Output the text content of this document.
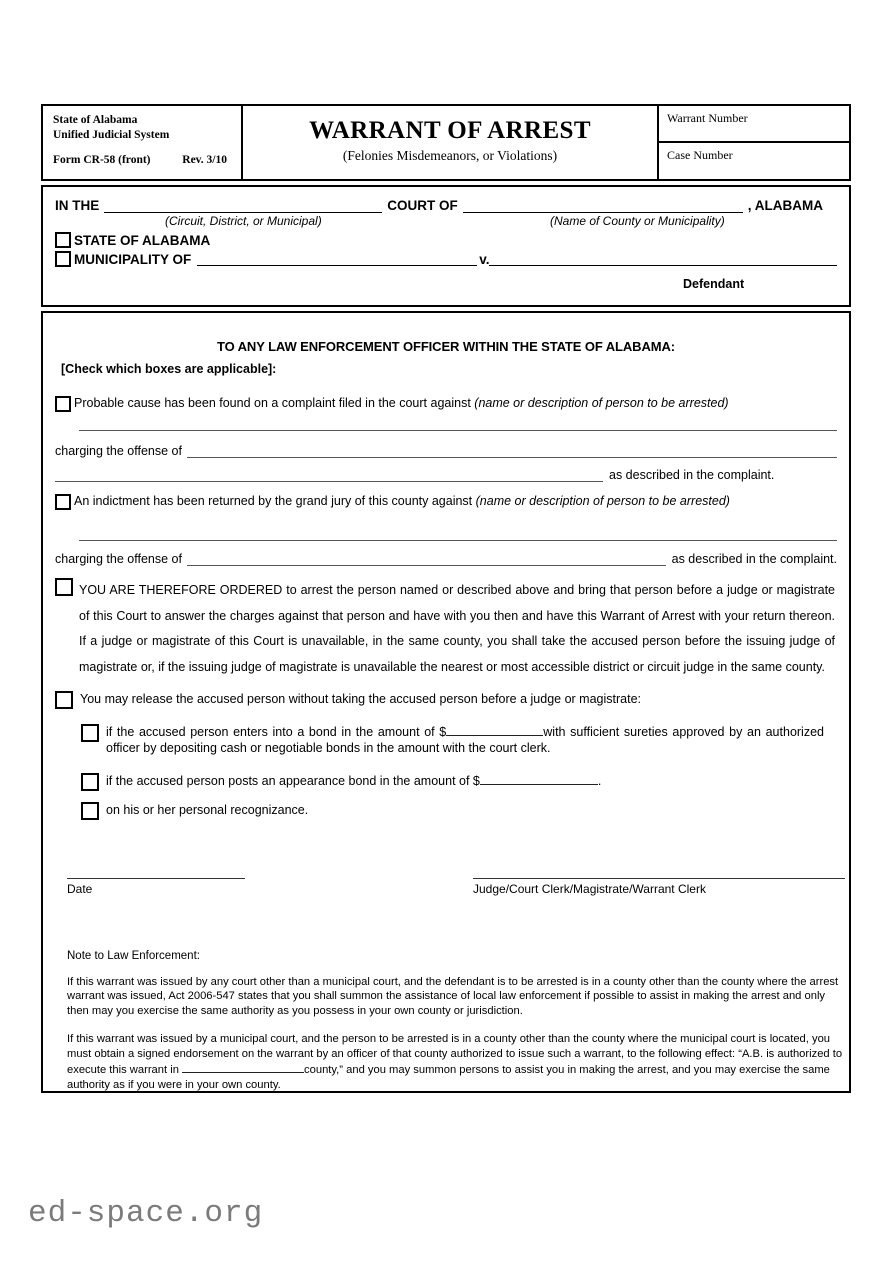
State of Alabama
Unified Judicial System
Form CR-58 (front)	Rev. 3/10
WARRANT OF ARREST
(Felonies Misdemeanors, or Violations)
Warrant Number
Case Number
IN THE	COURT OF	, ALABAMA
(Circuit, District, or Municipal)	(Name of County or Municipality)
STATE OF ALABAMA
MUNICIPALITY OF	v.
Defendant
TO ANY LAW ENFORCEMENT OFFICER WITHIN THE STATE OF ALABAMA:
[Check which boxes are applicable]:
Probable cause has been found on a complaint filed in the court against (name or description of person to be arrested)
charging the offense of
as described in the complaint.
An indictment has been returned by the grand jury of this county against (name or description of person to be arrested)
charging the offense of	as described in the complaint.
YOU ARE THEREFORE ORDERED to arrest the person named or described above and bring that person before a judge or magistrate of this Court to answer the charges against that person and have with you then and have this Warrant of Arrest with your return thereon. If a judge or magistrate of this Court is unavailable, in the same county, you shall take the accused person before the issuing judge of magistrate or, if the issuing judge of magistrate is unavailable the nearest or most accessible district or circuit judge in the same county.
You may release the accused person without taking the accused person before a judge or magistrate:
if the accused person enters into a bond in the amount of $	with sufficient sureties approved by an authorized officer by depositing cash or negotiable bonds in the amount with the court clerk.
if the accused person posts an appearance bond in the amount of $	.
on his or her personal recognizance.
Date	Judge/Court Clerk/Magistrate/Warrant Clerk
Note to Law Enforcement:
If this warrant was issued by any court other than a municipal court, and the defendant is to be arrested is in a county other than the county where the arrest warrant was issued, Act 2006-547 states that you shall summon the assistance of local law enforcement if possible to assist in making the arrest and only then may you exercise the same authority as you possess in your own county or jurisdiction.
If this warrant was issued by a municipal court, and the person to be arrested is in a county other than the county where the municipal court is located, you must obtain a signed endorsement on the warrant by an officer of that county authorized to issue such a warrant, to the following effect: “A.B. is authorized to execute this warrant in	county,” and you may summon persons to assist you in making the arrest, and you may exercise the same authority as if you were in your own county.
ed-space.org
